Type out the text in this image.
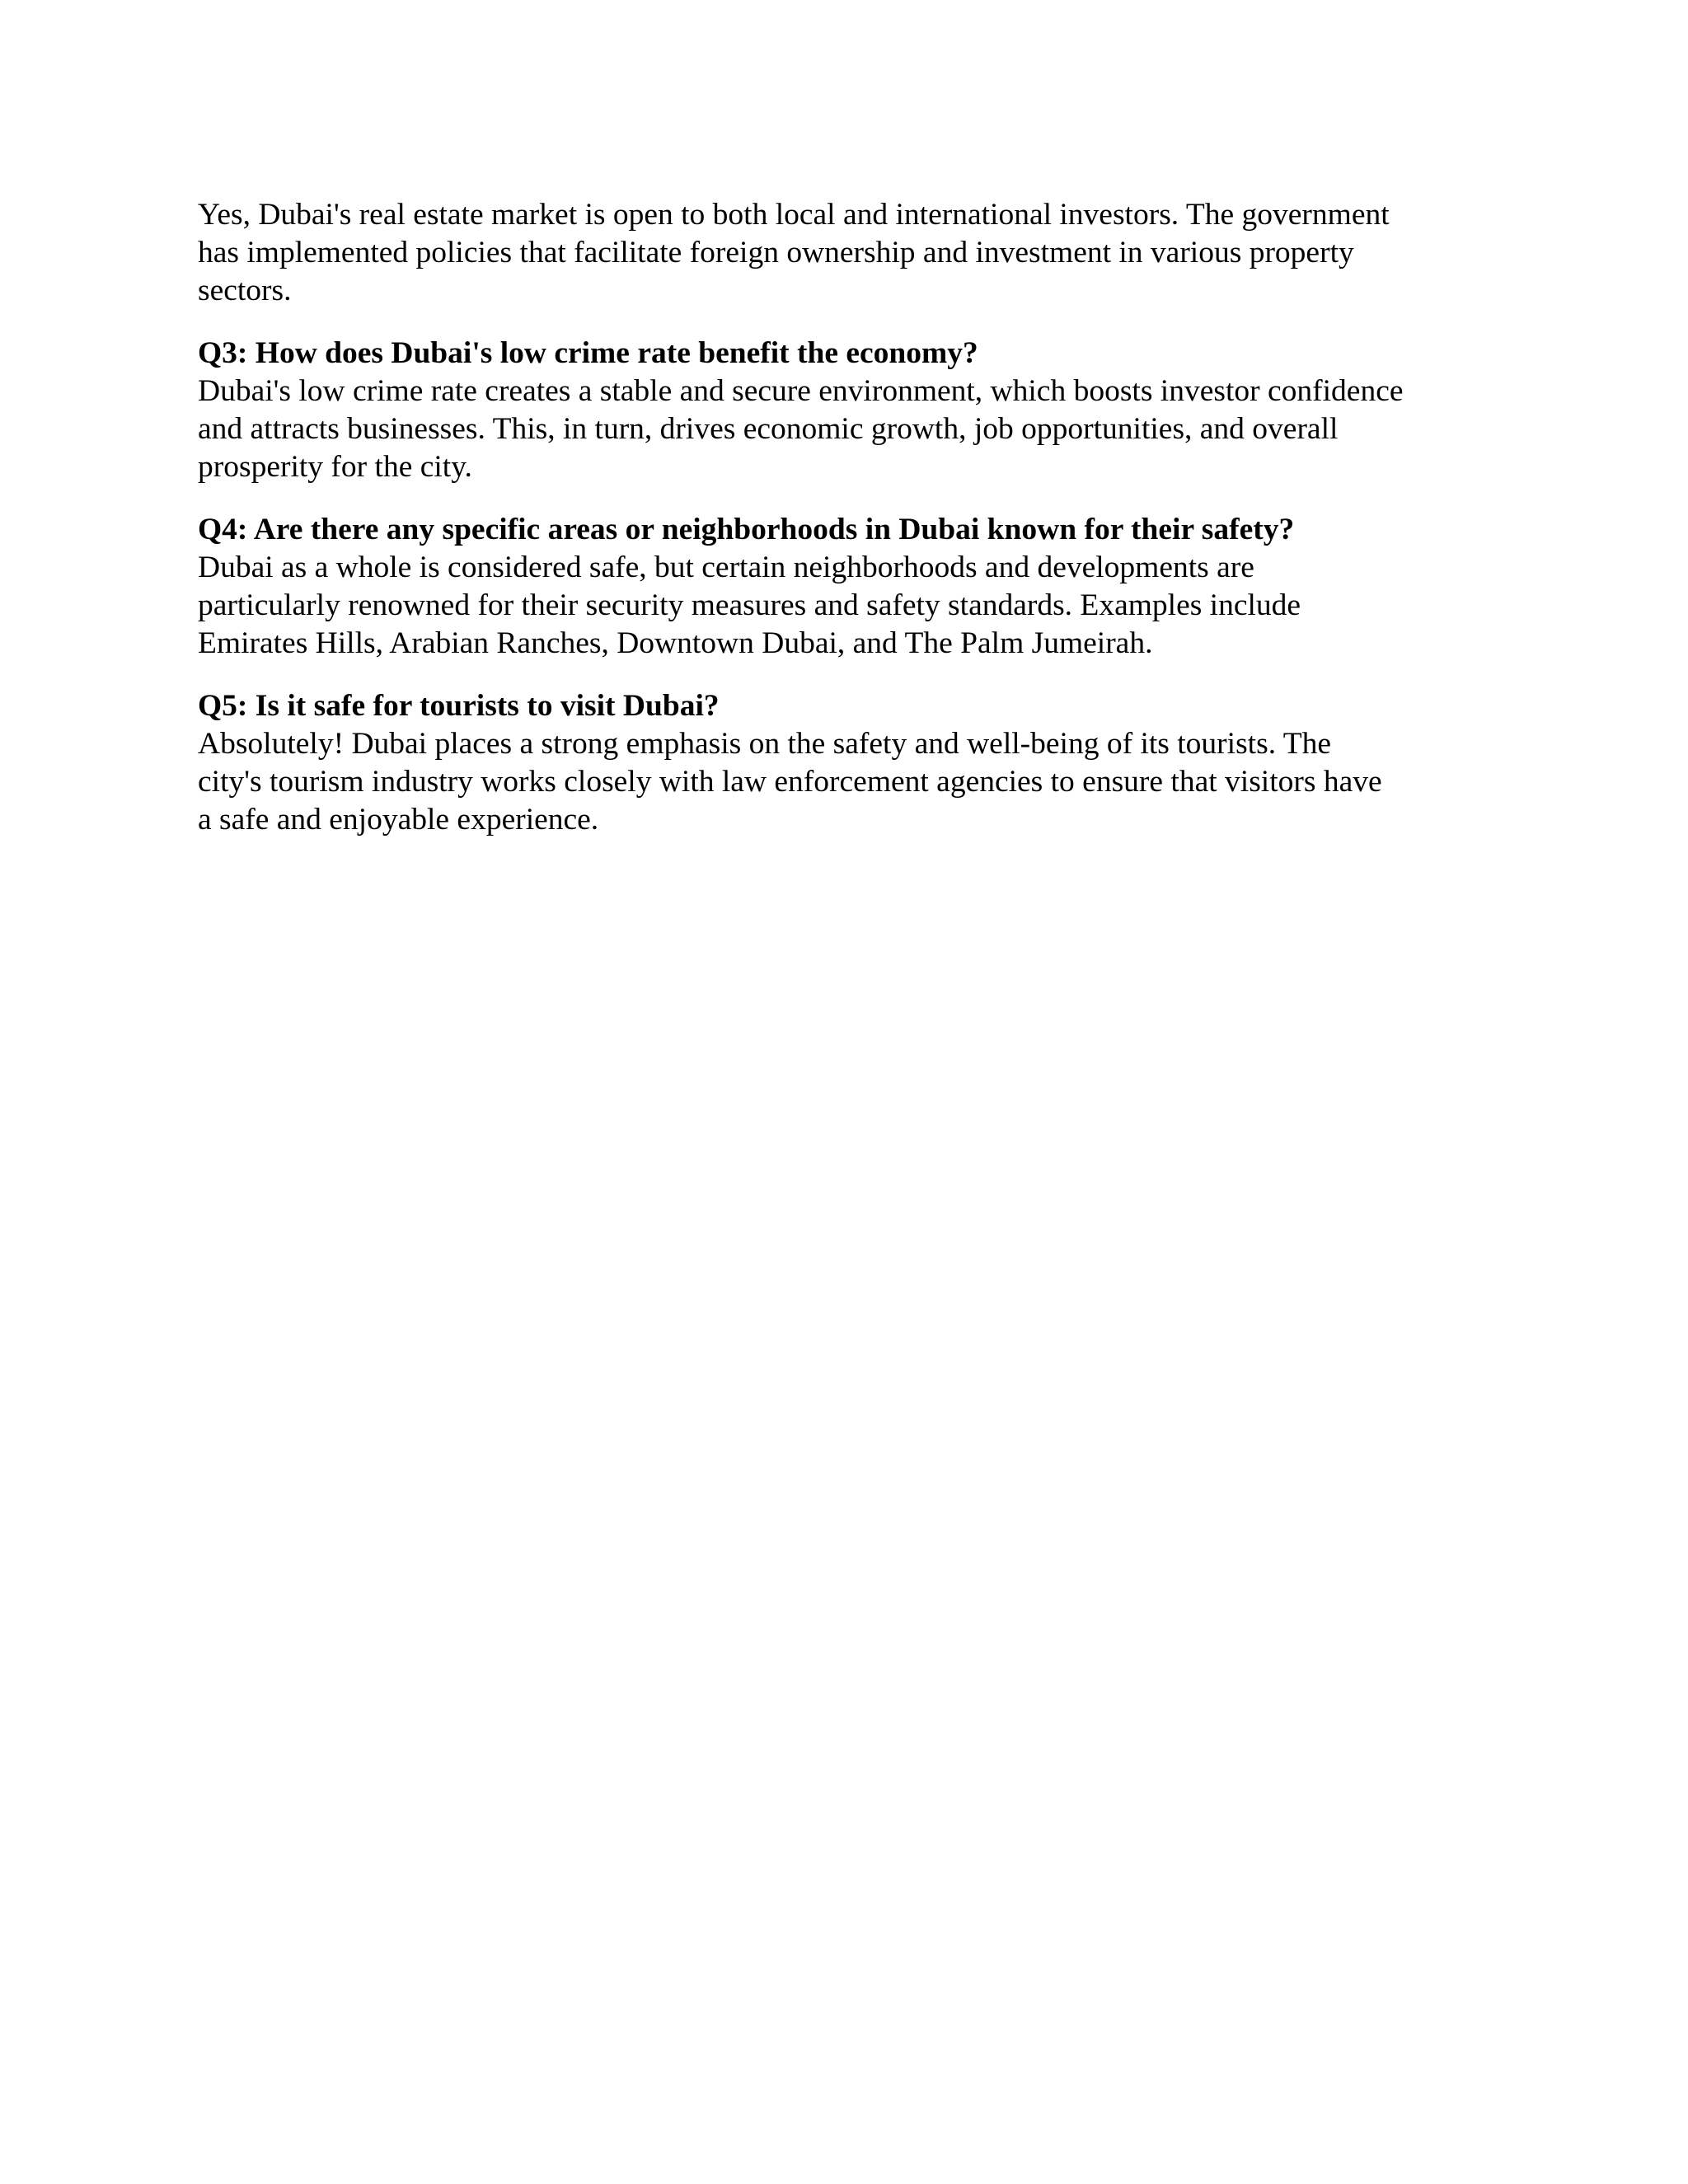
Yes, Dubai's real estate market is open to both local and international investors. The government
has implemented policies that facilitate foreign ownership and investment in various property
sectors.

Q3: How does Dubai's low crime rate benefit the economy?
Dubai's low crime rate creates a stable and secure environment, which boosts investor confidence
and attracts businesses. This, in turn, drives economic growth, job opportunities, and overall
prosperity for the city.

Q4: Are there any specific areas or neighborhoods in Dubai known for their safety?
Dubai as a whole is considered safe, but certain neighborhoods and developments are
particularly renowned for their security measures and safety standards. Examples include
Emirates Hills, Arabian Ranches, Downtown Dubai, and The Palm Jumeirah.

Q5: Is it safe for tourists to visit Dubai?
Absolutely! Dubai places a strong emphasis on the safety and well-being of its tourists. The
city's tourism industry works closely with law enforcement agencies to ensure that visitors have
a safe and enjoyable experience.
